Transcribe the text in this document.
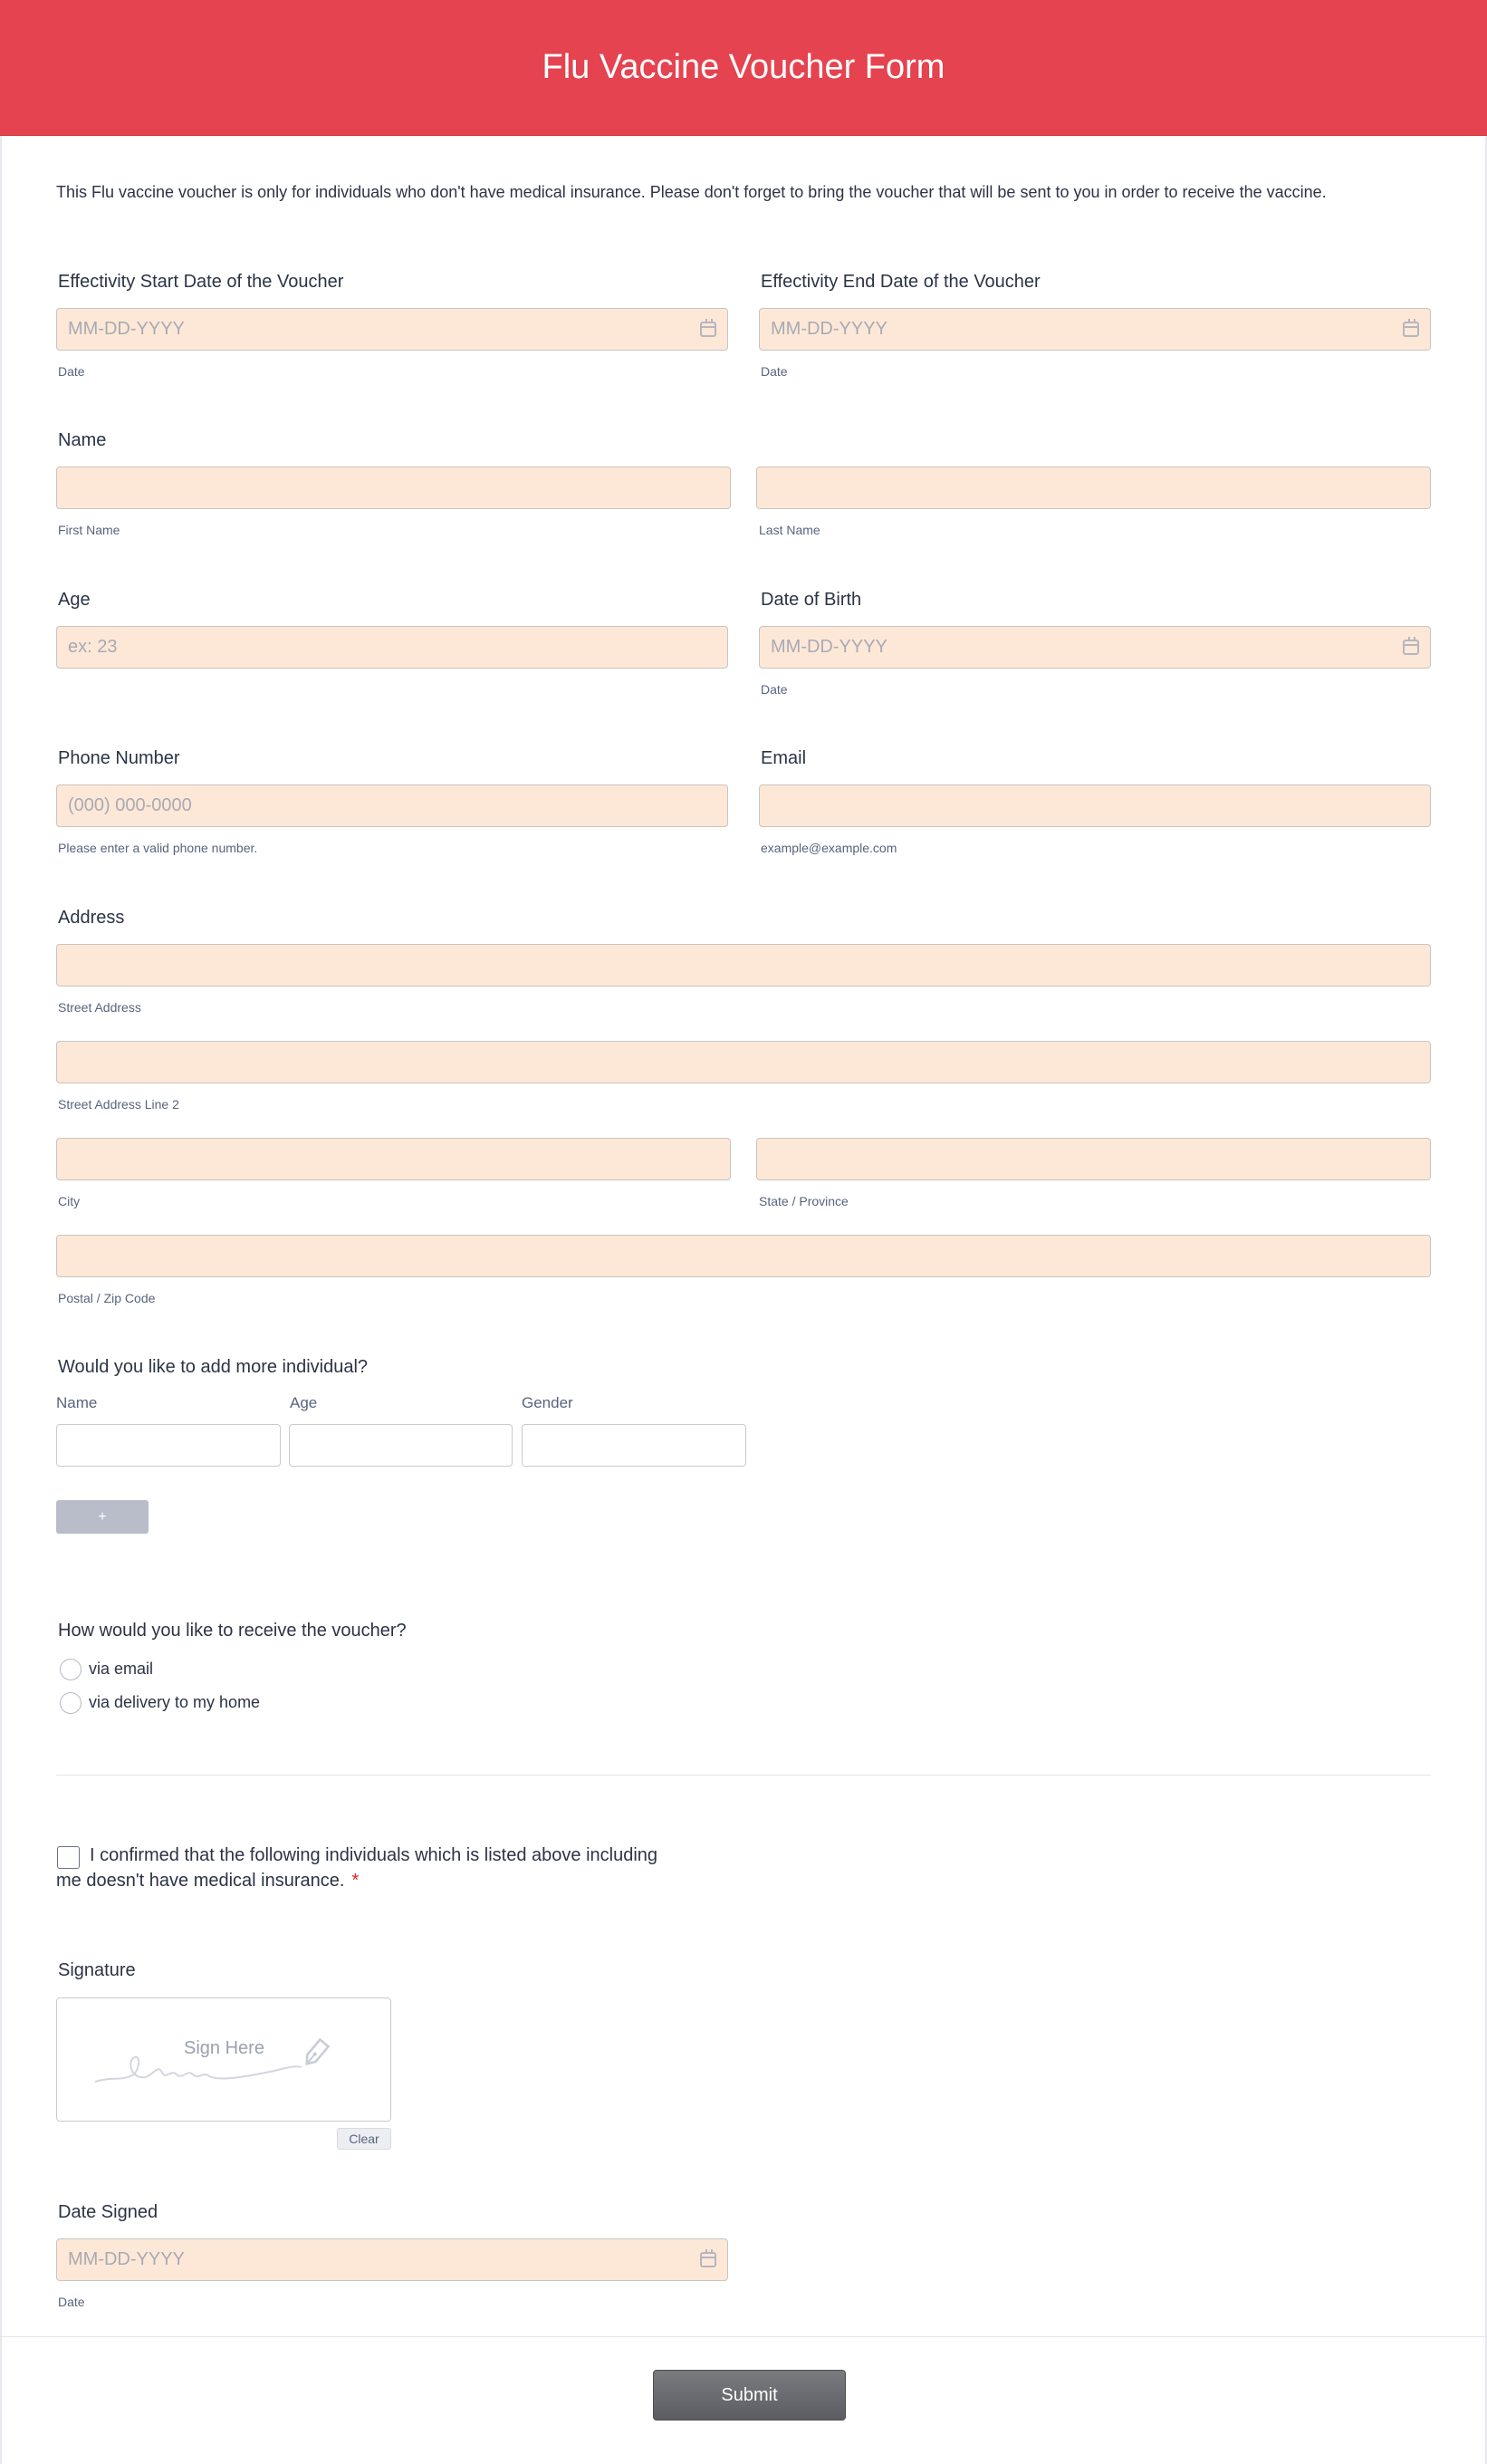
Flu Vaccine Voucher Form

This Flu vaccine voucher is only for individuals who don't have medical insurance. Please don't forget to bring the voucher that will be sent to you in order to receive the vaccine.

Effectivity Start Date of the Voucher
MM-DD-YYYY
Date
Effectivity End Date of the Voucher
MM-DD-YYYY
Date
Name
First Name	Last Name
Age
ex: 23
Date of Birth
MM-DD-YYYY
Date
Phone Number
(000) 000-0000
Please enter a valid phone number.
Email
example@example.com
Address
Street Address
Street Address Line 2
City	State / Province
Postal / Zip Code
Would you like to add more individual?
Name	Age	Gender
+
How would you like to receive the voucher?
via email
via delivery to my home
I confirmed that the following individuals which is listed above including me doesn't have medical insurance. *
Signature
Sign Here
Clear
Date Signed
MM-DD-YYYY
Date
Submit
